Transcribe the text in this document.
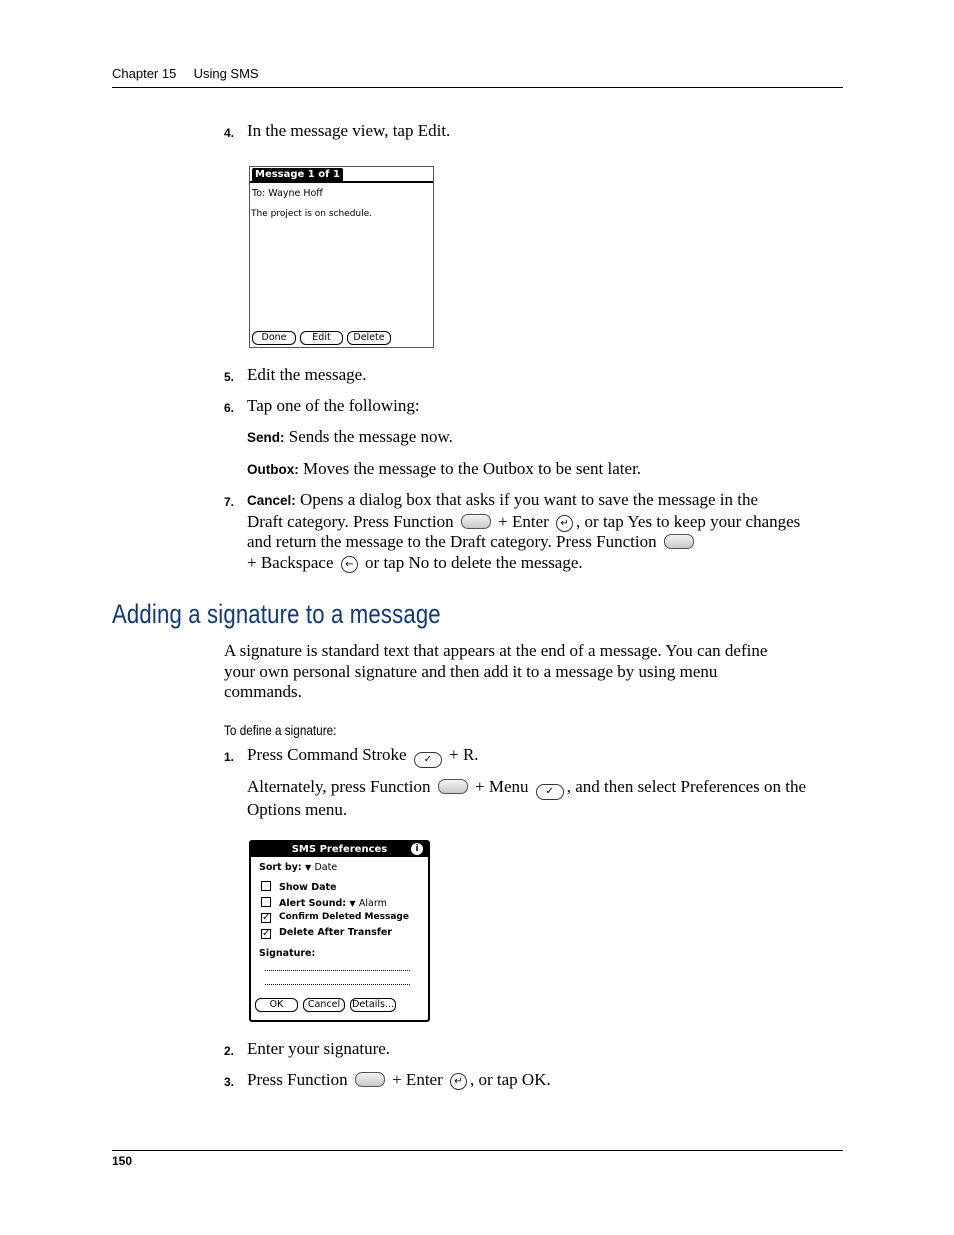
Chapter 15 Using SMS
4. In the message view, tap Edit.
Message 1 of 1
To: Wayne Hoff
The project is on schedule.
Done	Edit	Delete
5. Edit the message.
6. Tap one of the following:
Send: Sends the message now.
Outbox: Moves the message to the Outbox to be sent later.
7. Cancel: Opens a dialog box that asks if you want to save the message in the
Draft category. Press Function	+ Enter ↵ , or tap Yes to keep your changes
and return the message to the Draft category. Press Function
+ Backspace ← or tap No to delete the message.
Adding a signature to a message
A signature is standard text that appears at the end of a message. You can define
your own personal signature and then add it to a message by using menu
commands.
To define a signature:
1. Press Command Stroke ✓ + R.
Alternately, press Function	+ Menu ✓ , and then select Preferences on the
Options menu.
SMS Preferences	i
Sort by: ▼ Date
Show Date
Alert Sound: ▼ Alarm
✓ Confirm Deleted Message
✓ Delete After Transfer
Signature:
OK	Cancel	Details...
2. Enter your signature.
3. Press Function	+ Enter ↵ , or tap OK.
150
